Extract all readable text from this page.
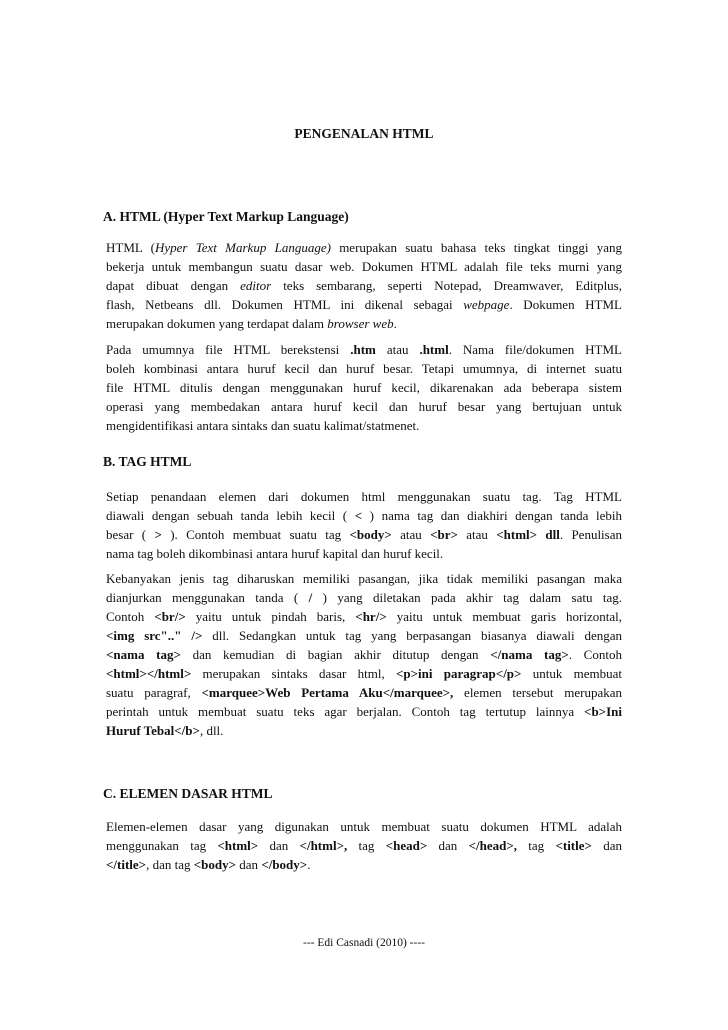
PENGENALAN HTML
A. HTML (Hyper Text Markup Language)

HTML (Hyper Text Markup Language) merupakan suatu bahasa teks tingkat tinggi yang
bekerja untuk membangun suatu dasar web. Dokumen HTML adalah file teks murni yang
dapat dibuat dengan editor teks sembarang, seperti Notepad, Dreamwaver, Editplus,
flash, Netbeans dll. Dokumen HTML ini dikenal sebagai webpage. Dokumen HTML
merupakan dokumen yang terdapat dalam browser web.

Pada umumnya file HTML berekstensi .htm atau .html. Nama file/dokumen HTML
boleh kombinasi antara huruf kecil dan huruf besar. Tetapi umumnya, di internet suatu
file HTML ditulis dengan menggunakan huruf kecil, dikarenakan ada beberapa sistem
operasi yang membedakan antara huruf kecil dan huruf besar yang bertujuan untuk
mengidentifikasi antara sintaks dan suatu kalimat/statmenet.

B. TAG HTML

Setiap penandaan elemen dari dokumen html menggunakan suatu tag. Tag HTML
diawali dengan sebuah tanda lebih kecil ( < ) nama tag dan diakhiri dengan tanda lebih
besar ( > ). Contoh membuat suatu tag <body> atau <br> atau <html> dll. Penulisan
nama tag boleh dikombinasi antara huruf kapital dan huruf kecil.

Kebanyakan jenis tag diharuskan memiliki pasangan, jika tidak memiliki pasangan maka
dianjurkan menggunakan tanda ( / ) yang diletakan pada akhir tag dalam satu tag.
Contoh <br/> yaitu untuk pindah baris, <hr/> yaitu untuk membuat garis horizontal,
<img src".." /> dll. Sedangkan untuk tag yang berpasangan biasanya diawali dengan
<nama tag> dan kemudian di bagian akhir ditutup dengan </nama tag>. Contoh
<html></html> merupakan sintaks dasar html, <p>ini paragrap</p> untuk membuat
suatu paragraf, <marquee>Web Pertama Aku</marquee>, elemen tersebut merupakan
perintah untuk membuat suatu teks agar berjalan. Contoh tag tertutup lainnya <b>Ini
Huruf Tebal</b>, dll.

C. ELEMEN DASAR HTML

Elemen-elemen dasar yang digunakan untuk membuat suatu dokumen HTML adalah
menggunakan tag <html> dan </html>, tag <head> dan </head>, tag <title> dan
</title>, dan tag <body> dan </body>.

--- Edi Casnadi (2010) ----
